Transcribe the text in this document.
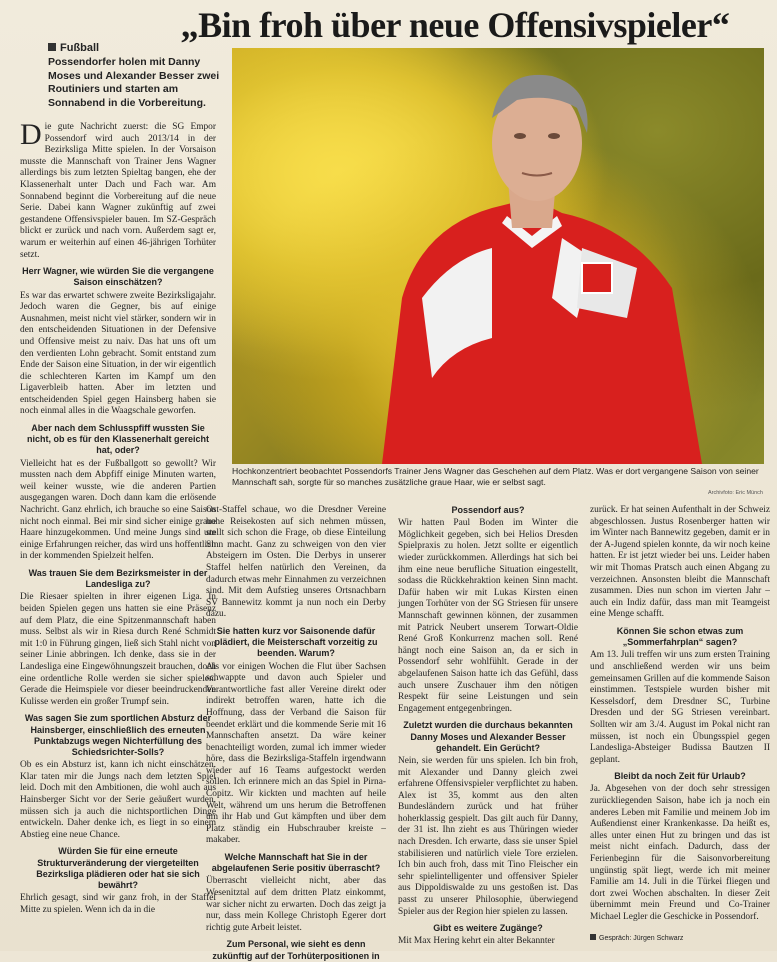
„Bin froh über neue Offensivspieler“
Fußball
Possendorfer holen mit Danny Moses und Alexander Besser zwei Routiniers und starten am Sonnabend in die Vorbereitung.
Hochkonzentriert beobachtet Possendorfs Trainer Jens Wagner das Geschehen auf dem Platz. Was er dort vergangene Saison von seiner Mannschaft sah, sorgte für so manches zusätzliche graue Haar, wie er selbst sagt.
Archivfoto: Eric Münch

Die gute Nachricht zuerst: die SG Empor Possendorf wird auch 2013/14 in der Bezirksliga Mitte spielen. In der Vorsaison musste die Mannschaft von Trainer Jens Wagner allerdings bis zum letzten Spieltag bangen, ehe der Klassenerhalt unter Dach und Fach war. Am Sonnabend beginnt die Vorbereitung auf die neue Serie. Dabei kann Wagner zukünftig auf zwei gestandene Offensivspieler bauen. Im SZ-Gespräch blickt er zurück und nach vorn. Außerdem sagt er, warum er weiterhin auf einen 46-jährigen Torhüter setzt.

Herr Wagner, wie würden Sie die vergangene Saison einschätzen?

Es war das erwartet schwere zweite Bezirksligajahr. Jedoch waren die Gegner, bis auf einige Ausnahmen, meist nicht viel stärker, sondern wir in den entscheidenden Situationen in der Defensive und Offensive meist zu naiv. Das hat uns oft um den verdienten Lohn gebracht. Somit entstand zum Ende der Saison eine Situation, in der wir eigentlich die schlechteren Karten im Kampf um den Ligaverbleib hatten. Aber im letzten und entscheidenden Spiel gegen Hainsberg haben sie noch einmal alles in die Waagschale geworfen.

Aber nach dem Schlusspfiff wussten Sie nicht, ob es für den Klassenerhalt gereicht hat, oder?

Vielleicht hat es der Fußballgott so gewollt? Wir mussten nach dem Abpfiff einige Minuten warten, weil keiner wusste, wie die anderen Partien ausgegangen waren. Doch dann kam die erlösende Nachricht. Ganz ehrlich, ich brauche so eine Saison nicht noch einmal. Bei mir sind sicher einige graue Haare hinzugekommen. Und meine Jungs sind um einige Erfahrungen reicher, das wird uns hoffentlich in der kommenden Spielzeit helfen.

Was trauen Sie dem Bezirksmeister in der Landesliga zu?

Die Riesaer spielten in ihrer eigenen Liga. In beiden Spielen gegen uns hatten sie eine Präsenz auf dem Platz, die eine Spitzenmannschaft haben muss. Selbst als wir in Riesa durch René Schmidt mit 1:0 in Führung gingen, ließ sich Stahl nicht von seiner Linie abbringen. Ich denke, dass sie in der Landesliga eine Eingewöhnungszeit brauchen, doch eine ordentliche Rolle werden sie sicher spielen. Gerade die Heimspiele vor dieser beeindruckenden Kulisse werden ein großer Trumpf sein.

Was sagen Sie zum sportlichen Absturz der Hainsberger, einschließlich des erneuten Punktabzugs wegen Nichterfüllung des Schiedsrichter-Solls?

Ob es ein Absturz ist, kann ich nicht einschätzen. Klar taten mir die Jungs nach dem letzten Spiel leid. Doch mit den Ambitionen, die wohl auch aus Hainsberger Sicht vor der Serie geäußert wurden, müssen sich ja auch die nichtsportlichen Dinge entwickeln. Daher denke ich, es liegt in so einem Abstieg eine neue Chance.

Würden Sie für eine erneute Strukturveränderung der viergeteilten Bezirksliga plädieren oder hat sie sich bewährt?

Ehrlich gesagt, sind wir ganz froh, in der Staffel Mitte zu spielen. Wenn ich da in die

Ost-Staffel schaue, wo die Dresdner Vereine hohe Reisekosten auf sich nehmen müssen, stellt sich schon die Frage, ob diese Einteilung Sinn macht. Ganz zu schweigen von den vier Absteigern im Osten. Die Derbys in unserer Staffel helfen natürlich den Vereinen, da dadurch etwas mehr Einnahmen zu verzeichnen sind. Mit dem Aufstieg unseres Ortsnachbarn SV Bannewitz kommt ja nun noch ein Derby dazu.

Sie hatten kurz vor Saisonende dafür plädiert, die Meisterschaft vorzeitig zu beenden. Warum?

Als vor einigen Wochen die Flut über Sachsen schwappte und davon auch Spieler und Verantwortliche fast aller Vereine direkt oder indirekt betroffen waren, hatte ich die Hoffnung, dass der Verband die Saison für beendet erklärt und die kommende Serie mit 16 Mannschaften ansetzt. Da wäre keiner benachteiligt worden, zumal ich immer wieder höre, dass die Bezirksliga-Staffeln irgendwann wieder auf 16 Teams aufgestockt werden sollen. Ich erinnere mich an das Spiel in Pirna-Copitz. Wir kickten und machten auf heile Welt, während um uns herum die Betroffenen um ihr Hab und Gut kämpften und über dem Platz ständig ein Hubschrauber kreiste – makaber.

Welche Mannschaft hat Sie in der abgelaufenen Serie positiv überrascht?

Überrascht vielleicht nicht, aber das Wesenitztal auf dem dritten Platz einkommt, war sicher nicht zu erwarten. Doch das zeigt ja nur, dass mein Kollege Christoph Egerer dort richtig gute Arbeit leistet.

Zum Personal, wie sieht es denn zukünftig auf der Torhüterpositionen in

Possendorf aus?

Wir hatten Paul Boden im Winter die Möglichkeit gegeben, sich bei Helios Dresden Spielpraxis zu holen. Jetzt sollte er eigentlich wieder zurückkommen. Allerdings hat sich bei ihm eine neue berufliche Situation eingestellt, sodass die Rückkehraktion keinen Sinn macht. Dafür haben wir mit Lukas Kirsten einen jungen Torhüter von der SG Striesen für unsere Mannschaft gewinnen können, der zusammen mit Patrick Neubert unserem Torwart-Oldie René Groß Konkurrenz machen soll. René hängt noch eine Saison an, da er sich in Possendorf sehr wohlfühlt. Gerade in der abgelaufenen Saison hatte ich das Gefühl, dass auch unsere Zuschauer ihm den nötigen Respekt für seine Leistungen und sein Engagement entgegenbringen.

Zuletzt wurden die durchaus bekannten Danny Moses und Alexander Besser gehandelt. Ein Gerücht?

Nein, sie werden für uns spielen. Ich bin froh, mit Alexander und Danny gleich zwei erfahrene Offensivspieler verpflichtet zu haben. Alex ist 35, kommt aus den alten Bundesländern zurück und hat früher hoherklassig gespielt. Das gilt auch für Danny, der 31 ist. Ihn zieht es aus Thüringen wieder nach Dresden. Ich erwarte, dass sie unser Spiel stabilisieren und natürlich viele Tore erzielen. Ich bin auch froh, dass mit Tino Fleischer ein sehr spielintelligenter und offensiver Spieler aus Dippoldiswalde zu uns gestoßen ist. Das passt zu unserer Philosophie, überwiegend Spieler aus der Region hier spielen zu lassen.

Gibt es weitere Zugänge?

Mit Max Hering kehrt ein alter Bekannter

zurück. Er hat seinen Aufenthalt in der Schweiz abgeschlossen. Justus Rosenberger hatten wir im Winter nach Bannewitz gegeben, damit er in der A-Jugend spielen konnte, da wir noch keine hatten. Er ist jetzt wieder bei uns. Leider haben wir mit Thomas Pratsch auch einen Abgang zu verzeichnen. Ansonsten bleibt die Mannschaft zusammen. Dies nun schon im vierten Jahr – auch ein Indiz dafür, dass man mit Teamgeist eine Menge schafft.

Können Sie schon etwas zum „Sommerfahrplan“ sagen?

Am 13. Juli treffen wir uns zum ersten Training und anschließend werden wir uns beim gemeinsamen Grillen auf die kommende Saison einstimmen. Testspiele wurden bisher mit Kesselsdorf, dem Dresdner SC, Turbine Dresden und der SG Striesen vereinbart. Sollten wir am 3./4. August im Pokal nicht ran müssen, ist noch ein Übungsspiel gegen Landesliga-Absteiger Budissa Bautzen II geplant.

Bleibt da noch Zeit für Urlaub?

Ja. Abgesehen von der doch sehr stressigen zurückliegenden Saison, habe ich ja noch ein anderes Leben mit Familie und meinem Job im Außendienst einer Krankenkasse. Da heißt es, alles unter einen Hut zu bringen und das ist meist nicht einfach. Dadurch, dass der Ferienbeginn für die Saisonvorbereitung ungünstig spät liegt, werde ich mit meiner Familie am 14. Juli in die Türkei fliegen und dort zwei Wochen abschalten. In dieser Zeit übernimmt mein Freund und Co-Trainer Michael Legler die Geschicke in Possendorf.

Gespräch: Jürgen Schwarz
